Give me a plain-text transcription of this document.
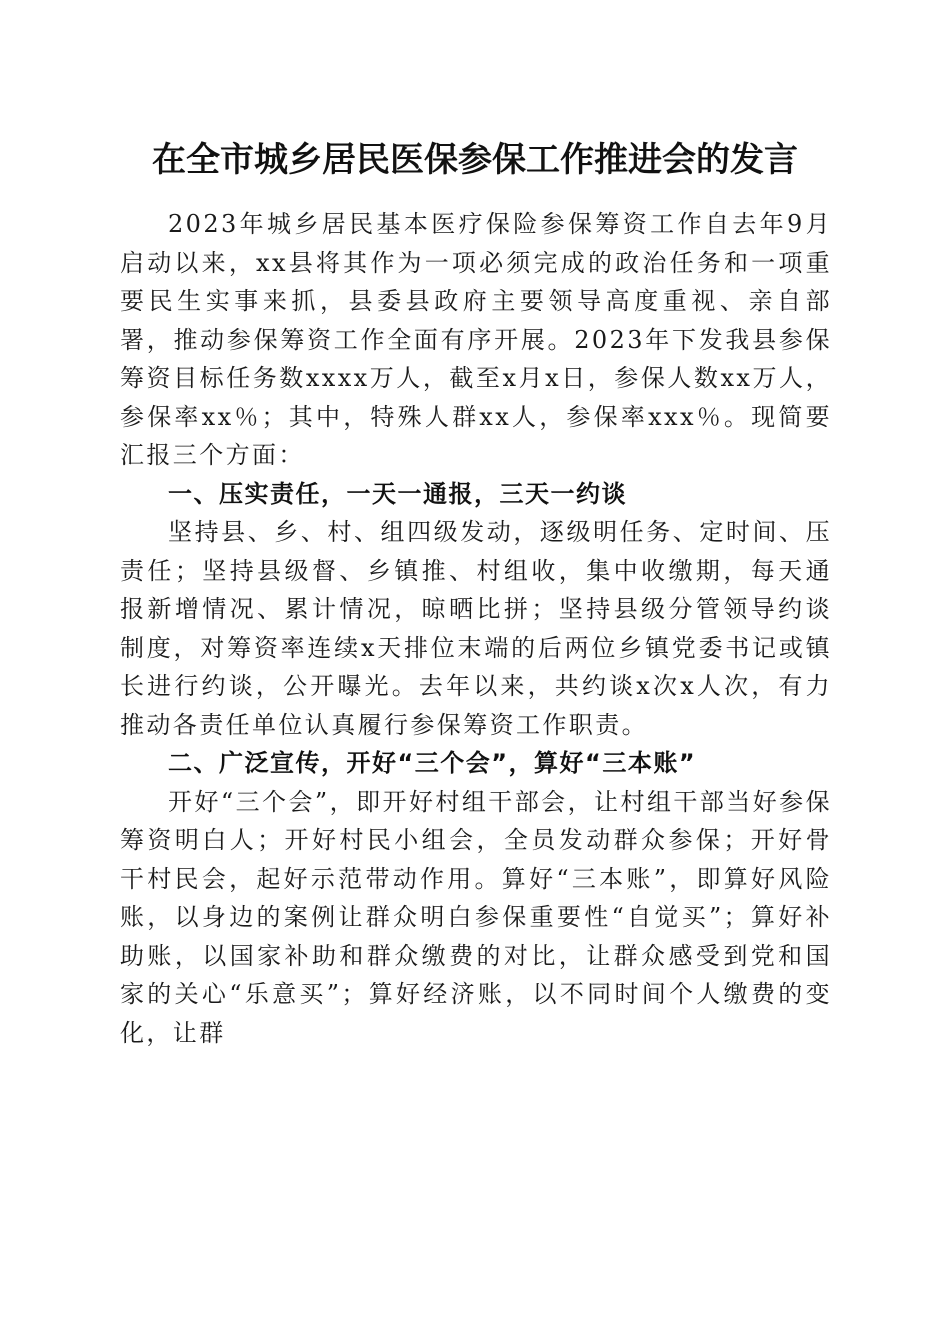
在全市城乡居民医保参保工作推进会的发言

2023年城乡居民基本医疗保险参保筹资工作自去年9月启动以来，xx县将其作为一项必须完成的政治任务和一项重要民生实事来抓，县委县政府主要领导高度重视、亲自部署，推动参保筹资工作全面有序开展。2023年下发我县参保筹资目标任务数xxxx万人，截至x月x日，参保人数xx万人，参保率xx％；其中，特殊人群xx人，参保率xxx％。现简要汇报三个方面：

一、压实责任，一天一通报，三天一约谈

坚持县、乡、村、组四级发动，逐级明任务、定时间、压责任；坚持县级督、乡镇推、村组收，集中收缴期，每天通报新增情况、累计情况，晾晒比拼；坚持县级分管领导约谈制度，对筹资率连续x天排位末端的后两位乡镇党委书记或镇长进行约谈，公开曝光。去年以来，共约谈x次x人次，有力推动各责任单位认真履行参保筹资工作职责。

二、广泛宣传，开好“三个会”，算好“三本账”

开好“三个会”，即开好村组干部会，让村组干部当好参保筹资明白人；开好村民小组会，全员发动群众参保；开好骨干村民会，起好示范带动作用。算好“三本账”，即算好风险账，以身边的案例让群众明白参保重要性“自觉买”；算好补助账，以国家补助和群众缴费的对比，让群众感受到党和国家的关心“乐意买”；算好经济账，以不同时间个人缴费的变化，让群
